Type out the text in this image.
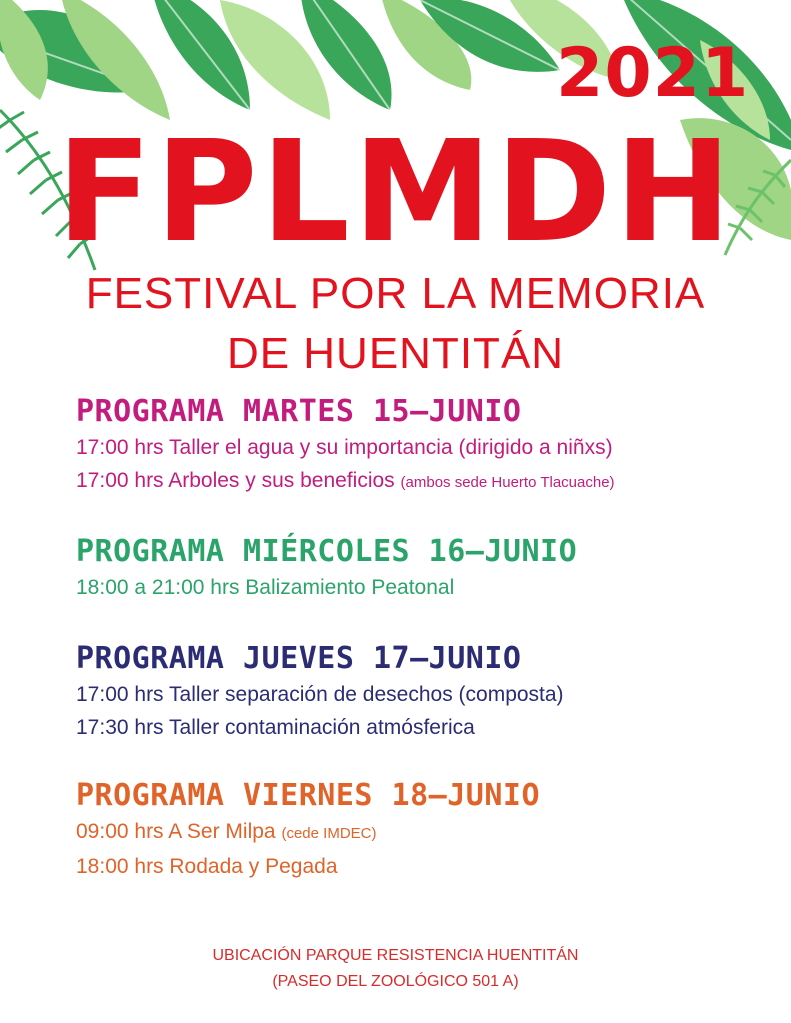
2021
FPLMDH

FESTIVAL POR LA MEMORIA

DE HUENTITÁN

PROGRAMA MARTES 15–JUNIO

17:00 hrs Taller el agua y su importancia (dirigido a niñxs)

17:00 hrs Arboles y sus beneficios (ambos sede Huerto Tlacuache)

PROGRAMA MIÉRCOLES 16–JUNIO

18:00 a 21:00 hrs Balizamiento Peatonal

PROGRAMA JUEVES 17–JUNIO

17:00 hrs Taller separación de desechos (composta)

17:30 hrs Taller contaminación atmósferica

PROGRAMA VIERNES 18–JUNIO

09:00 hrs A Ser Milpa (cede IMDEC)

18:00 hrs Rodada y Pegada

UBICACIÓN PARQUE RESISTENCIA HUENTITÁN

(PASEO DEL ZOOLÓGICO 501 A)
